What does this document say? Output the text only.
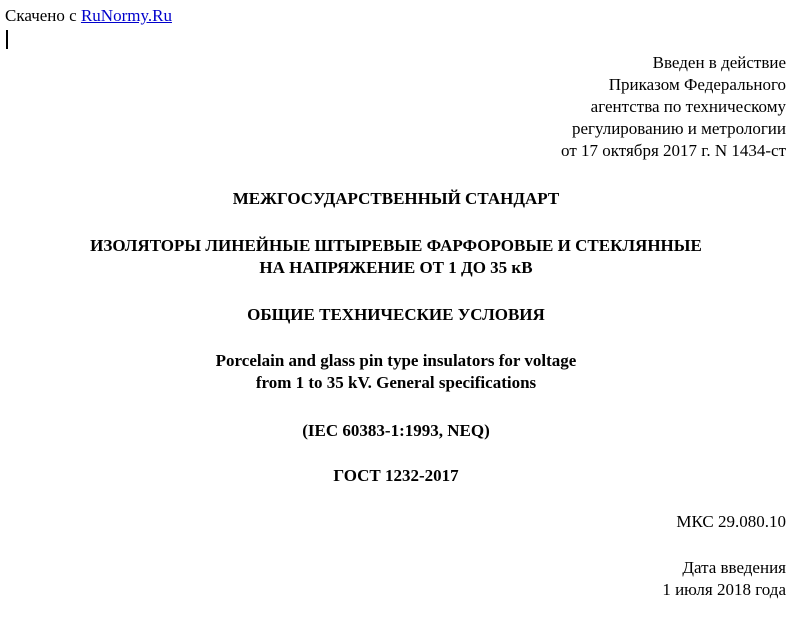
Скачено с RuNormy.Ru
Введен в действие
Приказом Федерального
агентства по техническому
регулированию и метрологии
от 17 октября 2017 г. N 1434-ст
МЕЖГОСУДАРСТВЕННЫЙ СТАНДАРТ
ИЗОЛЯТОРЫ ЛИНЕЙНЫЕ ШТЫРЕВЫЕ ФАРФОРОВЫЕ И СТЕКЛЯННЫЕ
НА НАПРЯЖЕНИЕ ОТ 1 ДО 35 кВ
ОБЩИЕ ТЕХНИЧЕСКИЕ УСЛОВИЯ
Porcelain and glass pin type insulators for voltage
from 1 to 35 kV. General specifications
(IEC 60383-1:1993, NEQ)
ГОСТ 1232-2017
МКС 29.080.10
Дата введения
1 июля 2018 года
